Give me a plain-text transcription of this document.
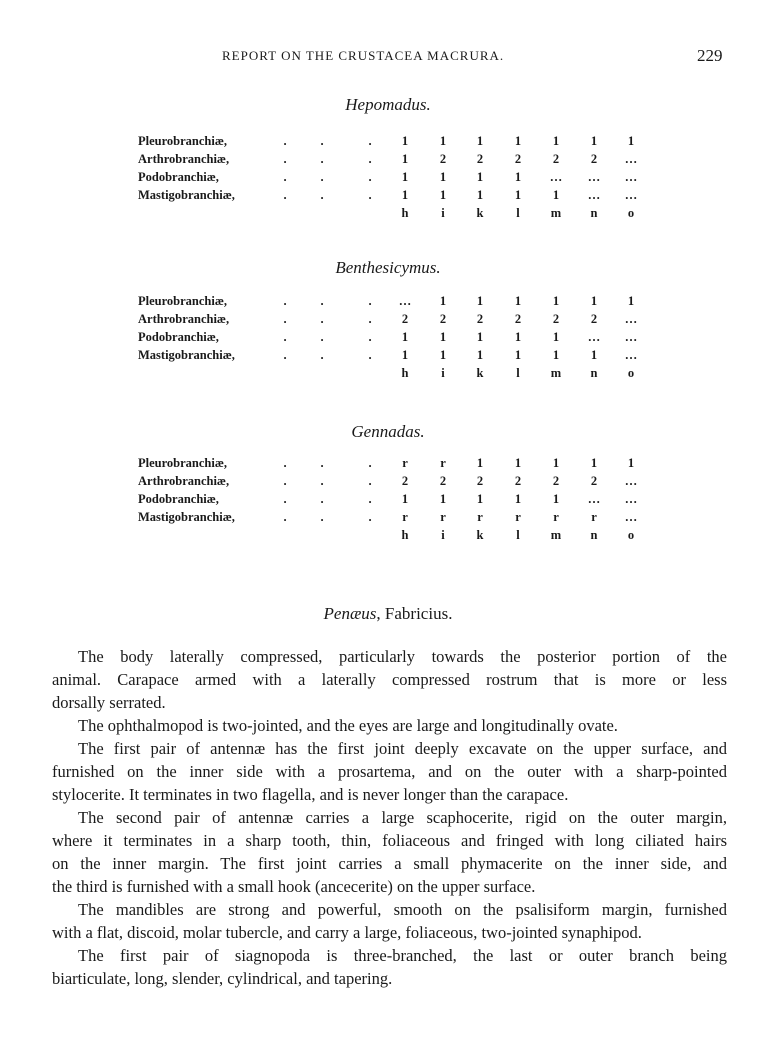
REPORT ON THE CRUSTACEA MACRURA.	229
Hepomadus.
Pleurobranchiæ,	.	.	.	1	1	1	1	1	1	1
Arthrobranchiæ,	.	.	.	1	2	2	2	2	2	…
Podobranchiæ,	.	.	.	1	1	1	1	…	…	…
Mastigobranchiæ,	.	.	.	1	1	1	1	1	…	…
h	i	k	l	m	n	o
Benthesicymus.
Pleurobranchiæ,	.	.	.	…	1	1	1	1	1	1
Arthrobranchiæ,	.	.	.	2	2	2	2	2	2	…
Podobranchiæ,	.	.	.	1	1	1	1	1	…	…
Mastigobranchiæ,	.	.	.	1	1	1	1	1	1	…
h	i	k	l	m	n	o
Gennadas.
Pleurobranchiæ,	.	.	.	r	r	1	1	1	1	1
Arthrobranchiæ,	.	.	.	2	2	2	2	2	2	…
Podobranchiæ,	.	.	.	1	1	1	1	1	…	…
Mastigobranchiæ,	.	.	.	r	r	r	r	r	r	…
h	i	k	l	m	n	o
Penæus, Fabricius.
The body laterally compressed, particularly towards the posterior portion of the
animal. Carapace armed with a laterally compressed rostrum that is more or less
dorsally serrated.
The ophthalmopod is two-jointed, and the eyes are large and longitudinally ovate.
The first pair of antennæ has the first joint deeply excavate on the upper surface, and
furnished on the inner side with a prosartema, and on the outer with a sharp-pointed
stylocerite. It terminates in two flagella, and is never longer than the carapace.
The second pair of antennæ carries a large scaphocerite, rigid on the outer margin,
where it terminates in a sharp tooth, thin, foliaceous and fringed with long ciliated hairs
on the inner margin. The first joint carries a small phymacerite on the inner side, and
the third is furnished with a small hook (ancecerite) on the upper surface.
The mandibles are strong and powerful, smooth on the psalisiform margin, furnished
with a flat, discoid, molar tubercle, and carry a large, foliaceous, two-jointed synaphipod.
The first pair of siagnopoda is three-branched, the last or outer branch being
biarticulate, long, slender, cylindrical, and tapering.
